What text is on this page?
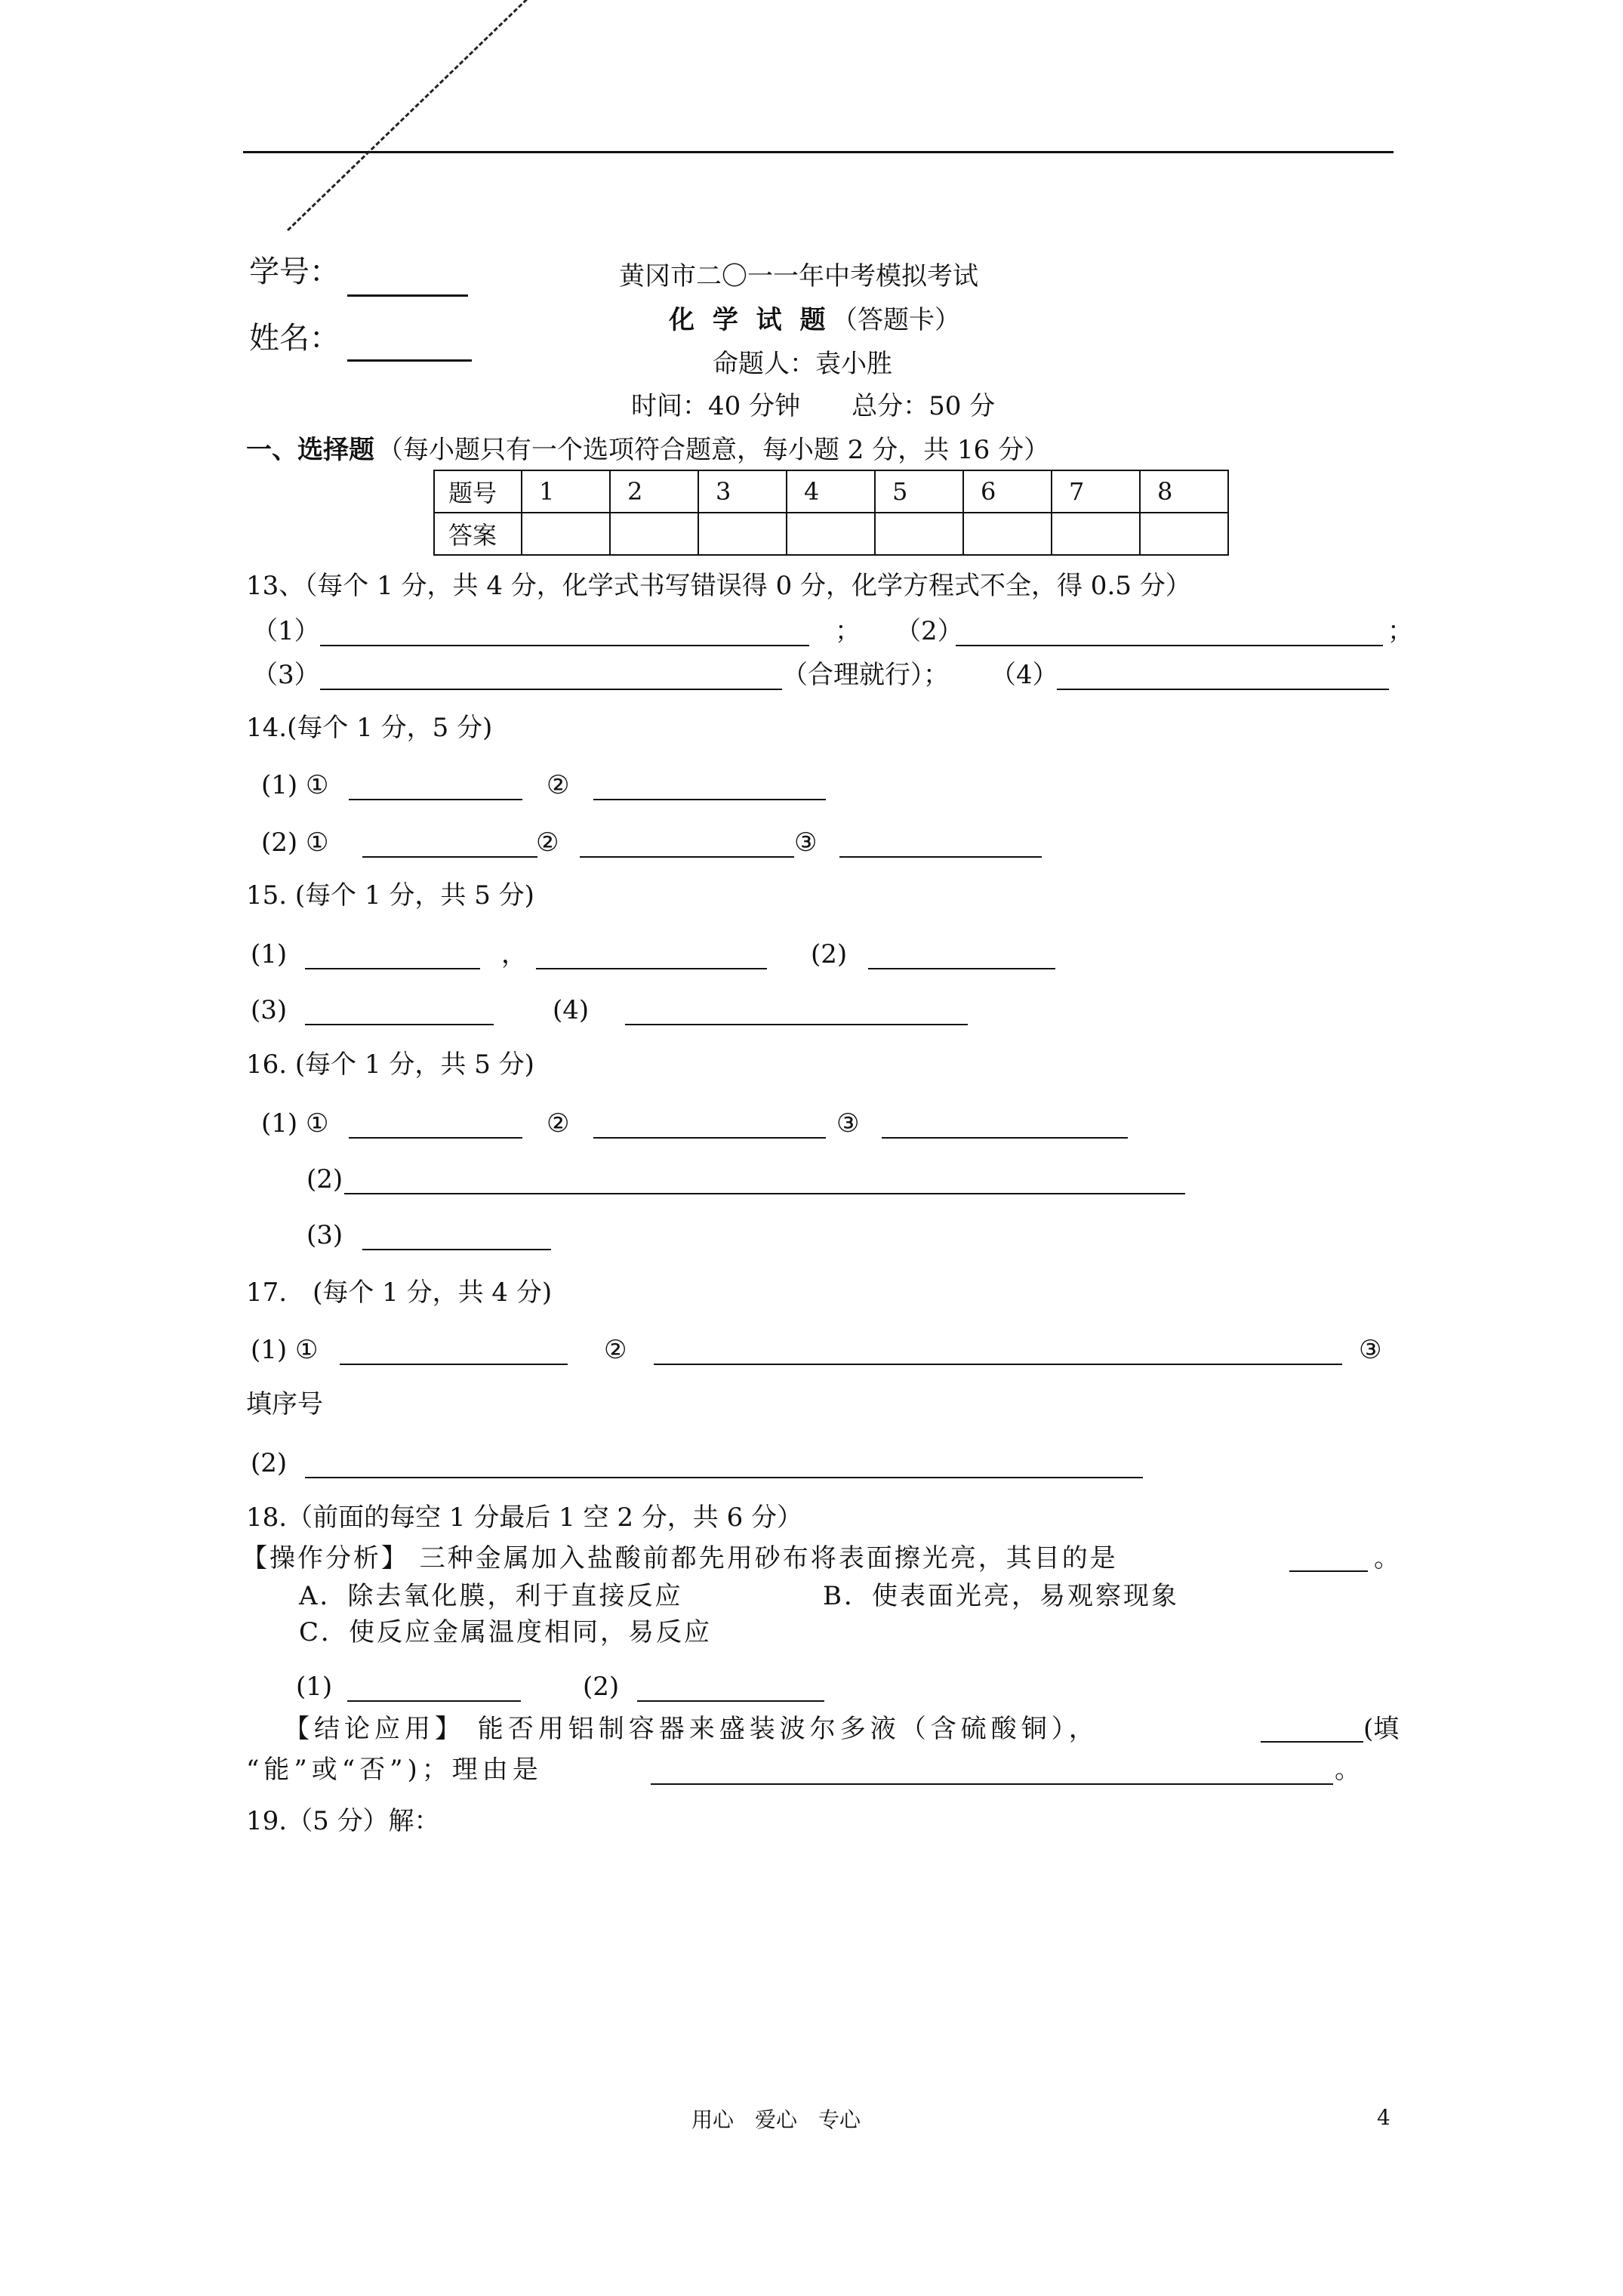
学号：
姓名：
黄冈市二〇一一年中考模拟考试
化 学 试 题 （答题卡）
命题人：袁小胜
时间：40 分钟　　总分：50 分
一、选择题 （每小题只有一个选项符合题意，每小题 2 分，共 16 分）
题号	1	2	3	4	5	6	7	8
答案								
13、（每个 1 分，共 4 分，化学式书写错误得 0 分，化学方程式不全，得 0.5 分）
（1）	； （2）	；
（3）	（合理就行）； （4）
14.(每个 1 分，5 分)
(1) ①	②
(2) ①	②	③
15. (每个 1 分，共 5 分)
(1)	，	(2)
(3)	(4)
16. (每个 1 分，共 5 分)
(1) ①	②	③
(2)
(3)
17.　(每个 1 分，共 4 分)
(1) ①	②	③
填序号
(2)
18.（前面的每空 1 分最后 1 空 2 分，共 6 分）
【操作分析】 三种金属加入盐酸前都先用砂布将表面擦光亮，其目的是	。
A．除去氧化膜，利于直接反应	B．使表面光亮，易观察现象
C．使反应金属温度相同，易反应
(1)	(2)
【结论应用】 能否用铝制容器来盛装波尔多液（含硫酸铜），	(填
“能”或“否”)；理由是	。
19.（5 分）解：
用心　爱心　专心	4
